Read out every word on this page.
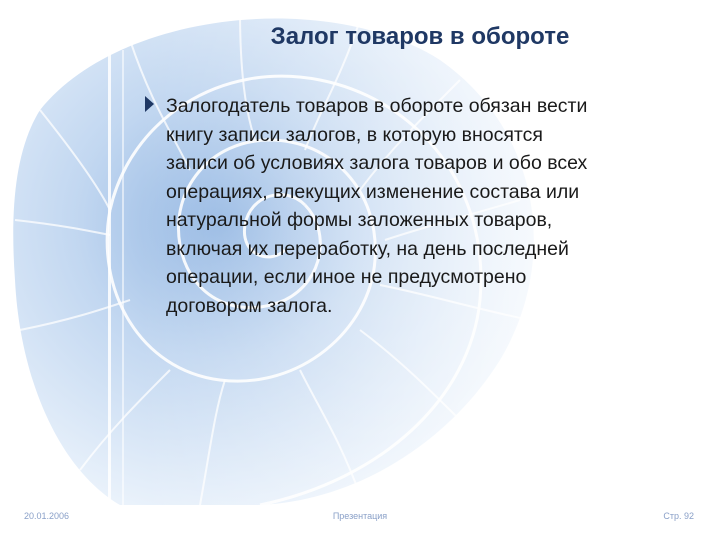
Залог товаров в обороте
Залогодатель товаров в обороте обязан вести
книгу записи залогов, в которую вносятся
записи об условиях залога товаров и обо всех
операциях, влекущих изменение состава или
натуральной формы заложенных товаров,
включая их переработку, на день последней
операции, если иное не предусмотрено
договором залога.
20.01.2006	Презентация	Стр. 92
